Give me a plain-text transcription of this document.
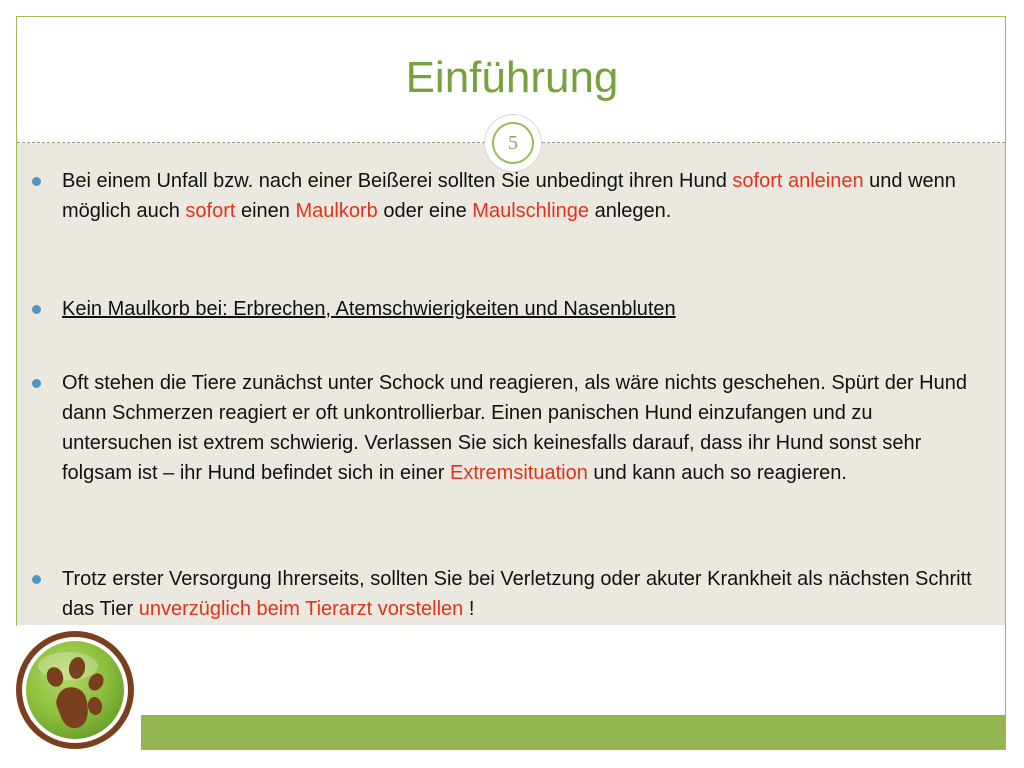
Einführung
5
Bei einem Unfall bzw. nach einer Beißerei sollten Sie unbedingt ihren Hund sofort anleinen und wenn möglich auch sofort einen Maulkorb oder eine Maulschlinge anlegen.
Kein Maulkorb bei: Erbrechen, Atemschwierigkeiten und Nasenbluten
Oft stehen die Tiere zunächst unter Schock und reagieren, als wäre nichts geschehen. Spürt der Hund dann Schmerzen reagiert er oft unkontrollierbar. Einen panischen Hund einzufangen und zu untersuchen ist extrem schwierig. Verlassen Sie sich keinesfalls darauf, dass ihr Hund sonst sehr folgsam ist – ihr Hund befindet sich in einer Extremsituation und kann auch so reagieren.
Trotz erster Versorgung Ihrerseits, sollten Sie bei Verletzung oder akuter Krankheit als nächsten Schritt das Tier unverzüglich beim Tierarzt vorstellen !
